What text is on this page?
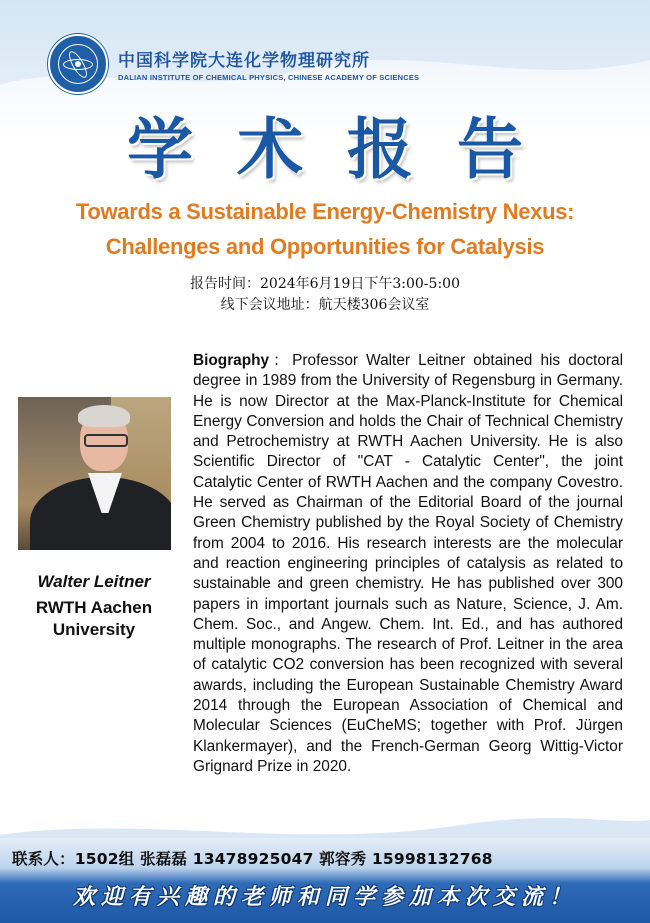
中国科学院大连化学物理研究所
DALIAN INSTITUTE OF CHEMICAL PHYSICS, CHINESE ACADEMY OF SCIENCES
学术报告
Towards a Sustainable Energy-Chemistry Nexus:
Challenges and Opportunities for Catalysis
报告时间：2024年6月19日下午3:00-5:00
线下会议地址：航天楼306会议室
Walter Leitner
RWTH Aachen University
Biography：Professor Walter Leitner obtained his doctoral degree in 1989 from the University of Regensburg in Germany. He is now Director at the Max-Planck-Institute for Chemical Energy Conversion and holds the Chair of Technical Chemistry and Petrochemistry at RWTH Aachen University. He is also Scientific Director of "CAT - Catalytic Center", the joint Catalytic Center of RWTH Aachen and the company Covestro. He served as Chairman of the Editorial Board of the journal Green Chemistry published by the Royal Society of Chemistry from 2004 to 2016. His research interests are the molecular and reaction engineering principles of catalysis as related to sustainable and green chemistry. He has published over 300 papers in important journals such as Nature, Science, J. Am. Chem. Soc., and Angew. Chem. Int. Ed., and has authored multiple monographs. The research of Prof. Leitner in the area of catalytic CO2 conversion has been recognized with several awards, including the European Sustainable Chemistry Award 2014 through the European Association of Chemical and Molecular Sciences (EuCheMS; together with Prof. Jürgen Klankermayer), and the French-German Georg Wittig-Victor Grignard Prize in 2020.
联系人：1502组 张磊磊 13478925047 郭容秀 15998132768
欢迎有兴趣的老师和同学参加本次交流！
